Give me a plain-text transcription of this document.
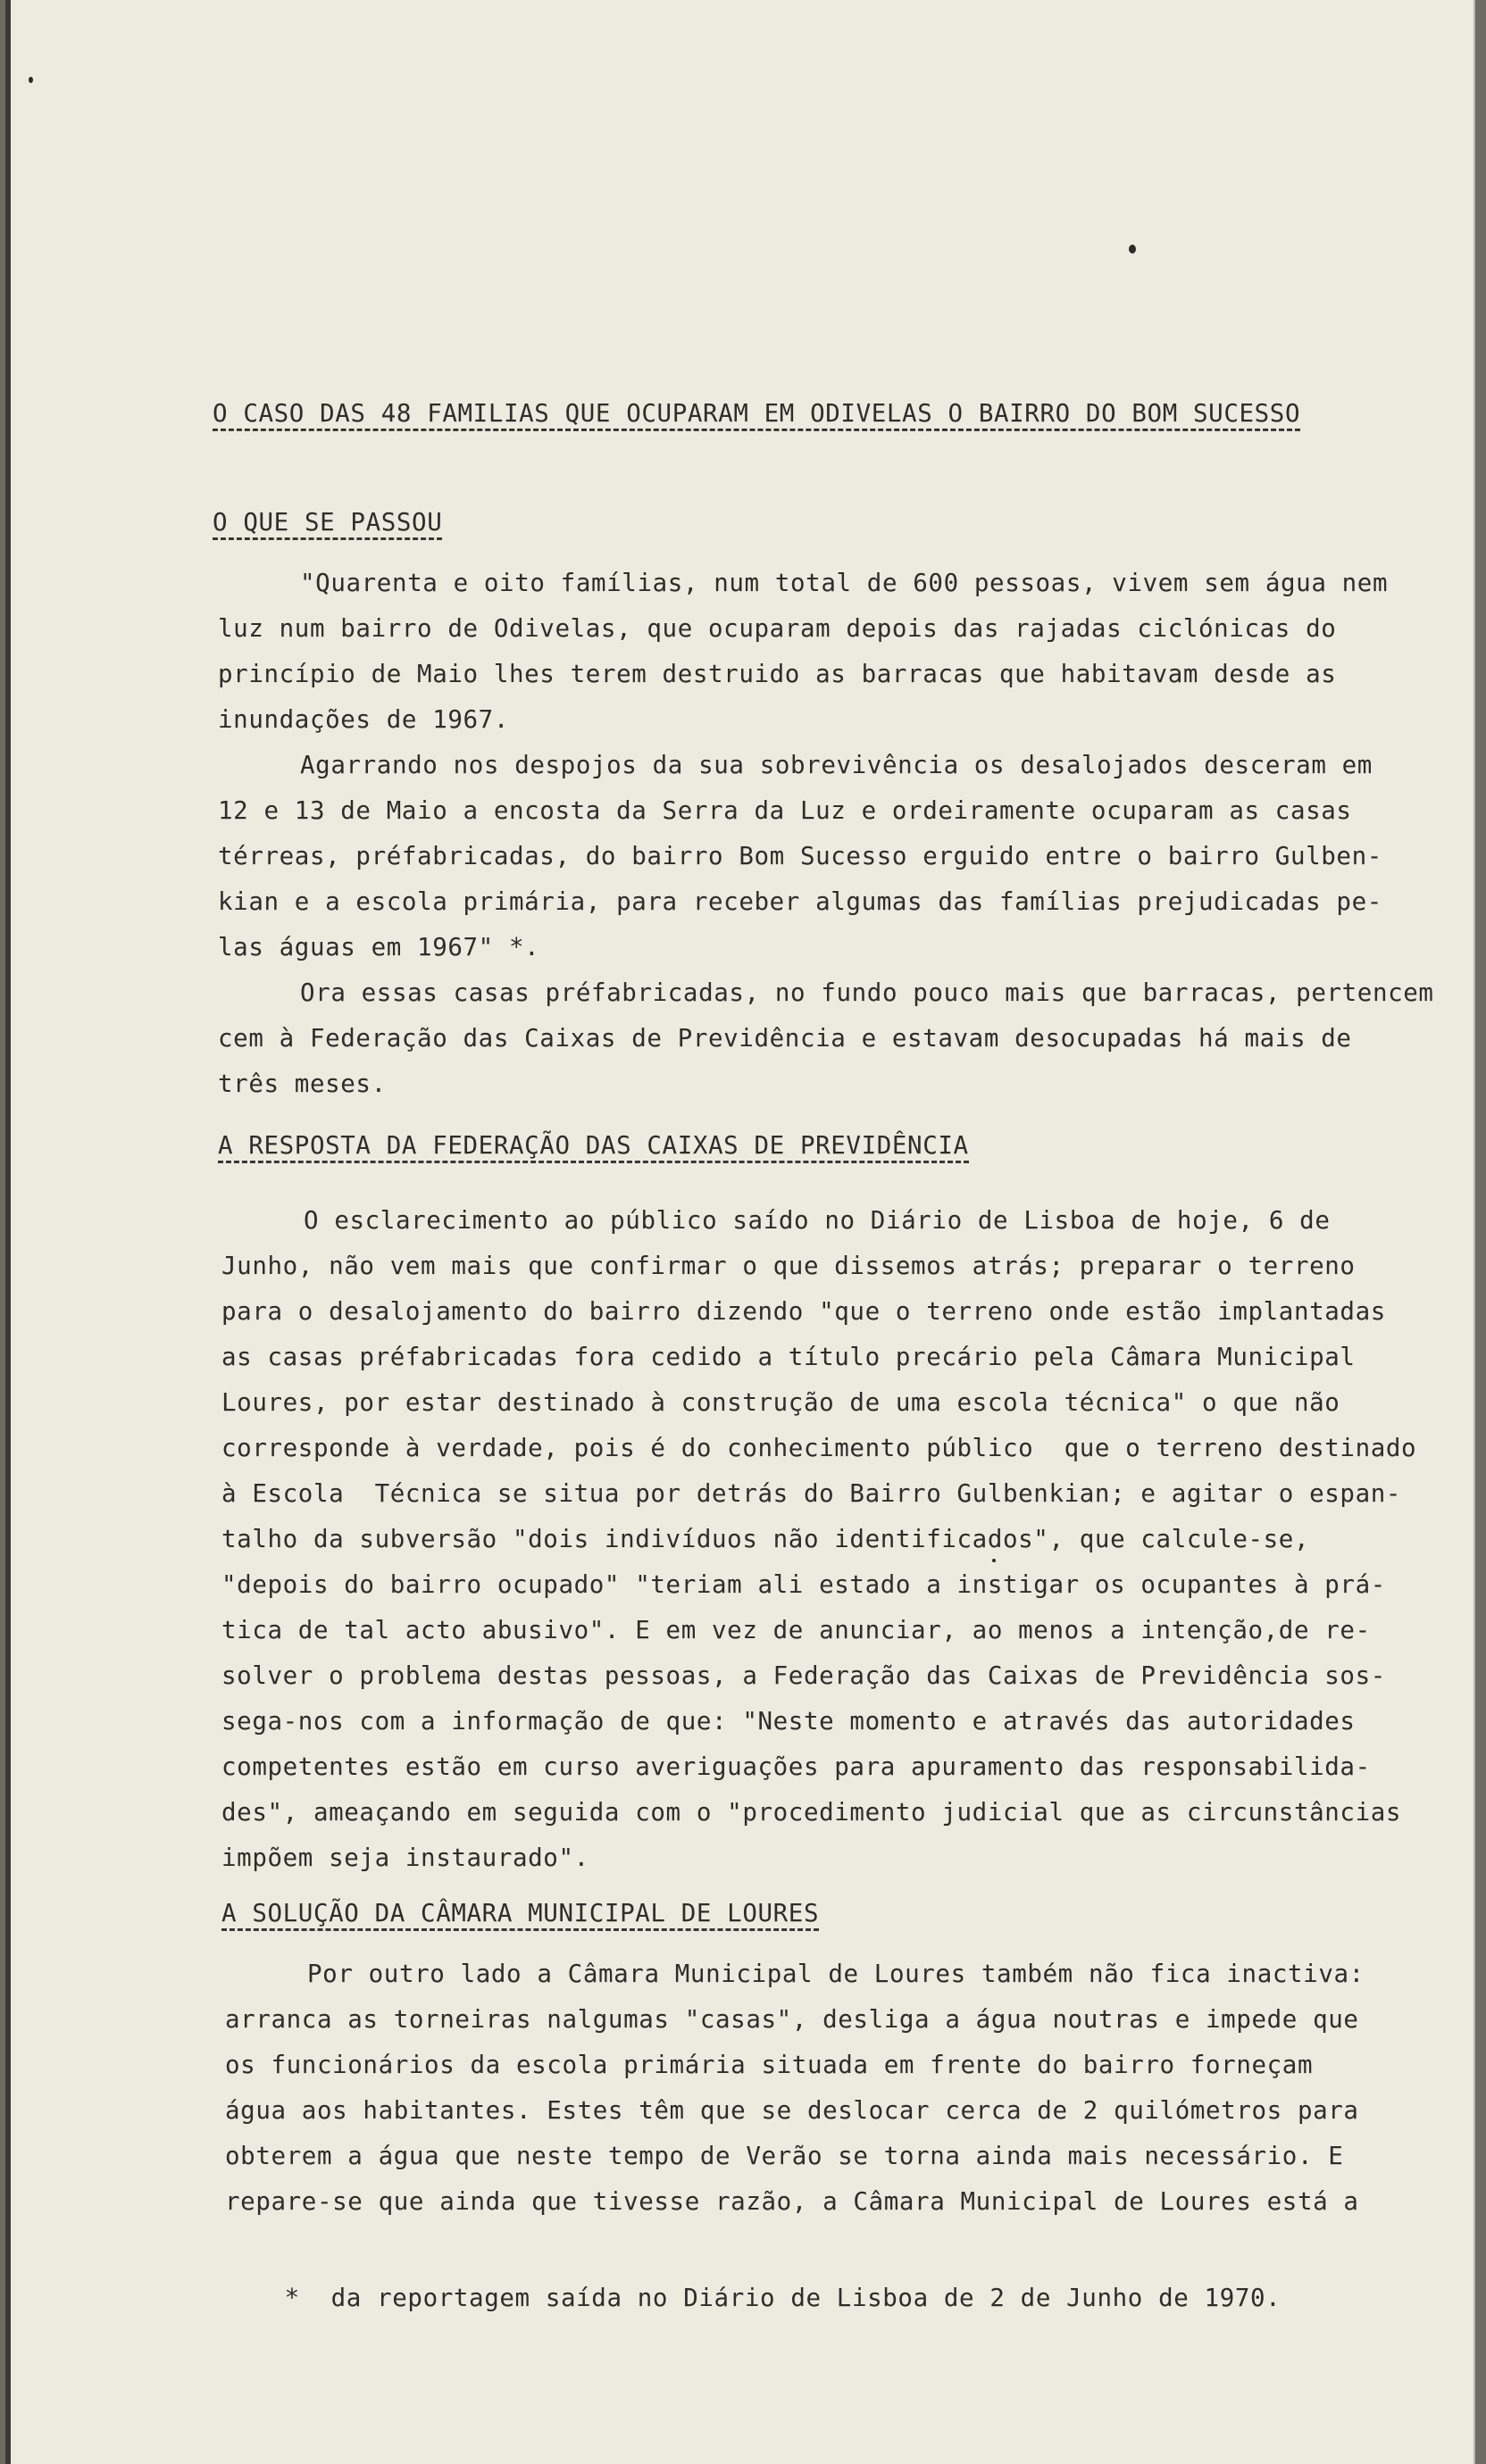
O CASO DAS 48 FAMILIAS QUE OCUPARAM EM ODIVELAS O BAIRRO DO BOM SUCESSO
O QUE SE PASSOU
"Quarenta e oito famílias, num total de 600 pessoas, vivem sem água nem
luz num bairro de Odivelas, que ocuparam depois das rajadas ciclónicas do
princípio de Maio lhes terem destruido as barracas que habitavam desde as
inundações de 1967.
Agarrando nos despojos da sua sobrevivência os desalojados desceram em
12 e 13 de Maio a encosta da Serra da Luz e ordeiramente ocuparam as casas
térreas, préfabricadas, do bairro Bom Sucesso erguido entre o bairro Gulben-
kian e a escola primária, para receber algumas das famílias prejudicadas pe-
las águas em 1967" *.
Ora essas casas préfabricadas, no fundo pouco mais que barracas, pertencem
cem à Federação das Caixas de Previdência e estavam desocupadas há mais de
três meses.
A RESPOSTA DA FEDERAÇÃO DAS CAIXAS DE PREVIDÊNCIA
O esclarecimento ao público saído no Diário de Lisboa de hoje, 6 de
Junho, não vem mais que confirmar o que dissemos atrás; preparar o terreno
para o desalojamento do bairro dizendo "que o terreno onde estão implantadas
as casas préfabricadas fora cedido a título precário pela Câmara Municipal
Loures, por estar destinado à construção de uma escola técnica" o que não
corresponde à verdade, pois é do conhecimento público  que o terreno destinado
à Escola  Técnica se situa por detrás do Bairro Gulbenkian; e agitar o espan-
talho da subversão "dois indivíduos não identificados", que calcule-se,
"depois do bairro ocupado" "teriam ali estado a instigar os ocupantes à prá-
tica de tal acto abusivo". E em vez de anunciar, ao menos a intenção,de re-
solver o problema destas pessoas, a Federação das Caixas de Previdência sos-
sega-nos com a informação de que: "Neste momento e através das autoridades
competentes estão em curso averiguações para apuramento das responsabilida-
des", ameaçando em seguida com o "procedimento judicial que as circunstâncias
impõem seja instaurado".
A SOLUÇÃO DA CÂMARA MUNICIPAL DE LOURES
Por outro lado a Câmara Municipal de Loures também não fica inactiva:
arranca as torneiras nalgumas "casas", desliga a água noutras e impede que
os funcionários da escola primária situada em frente do bairro forneçam
água aos habitantes. Estes têm que se deslocar cerca de 2 quilómetros para
obterem a água que neste tempo de Verão se torna ainda mais necessário. E
repare-se que ainda que tivesse razão, a Câmara Municipal de Loures está a

* da reportagem saída no Diário de Lisboa de 2 de Junho de 1970.
